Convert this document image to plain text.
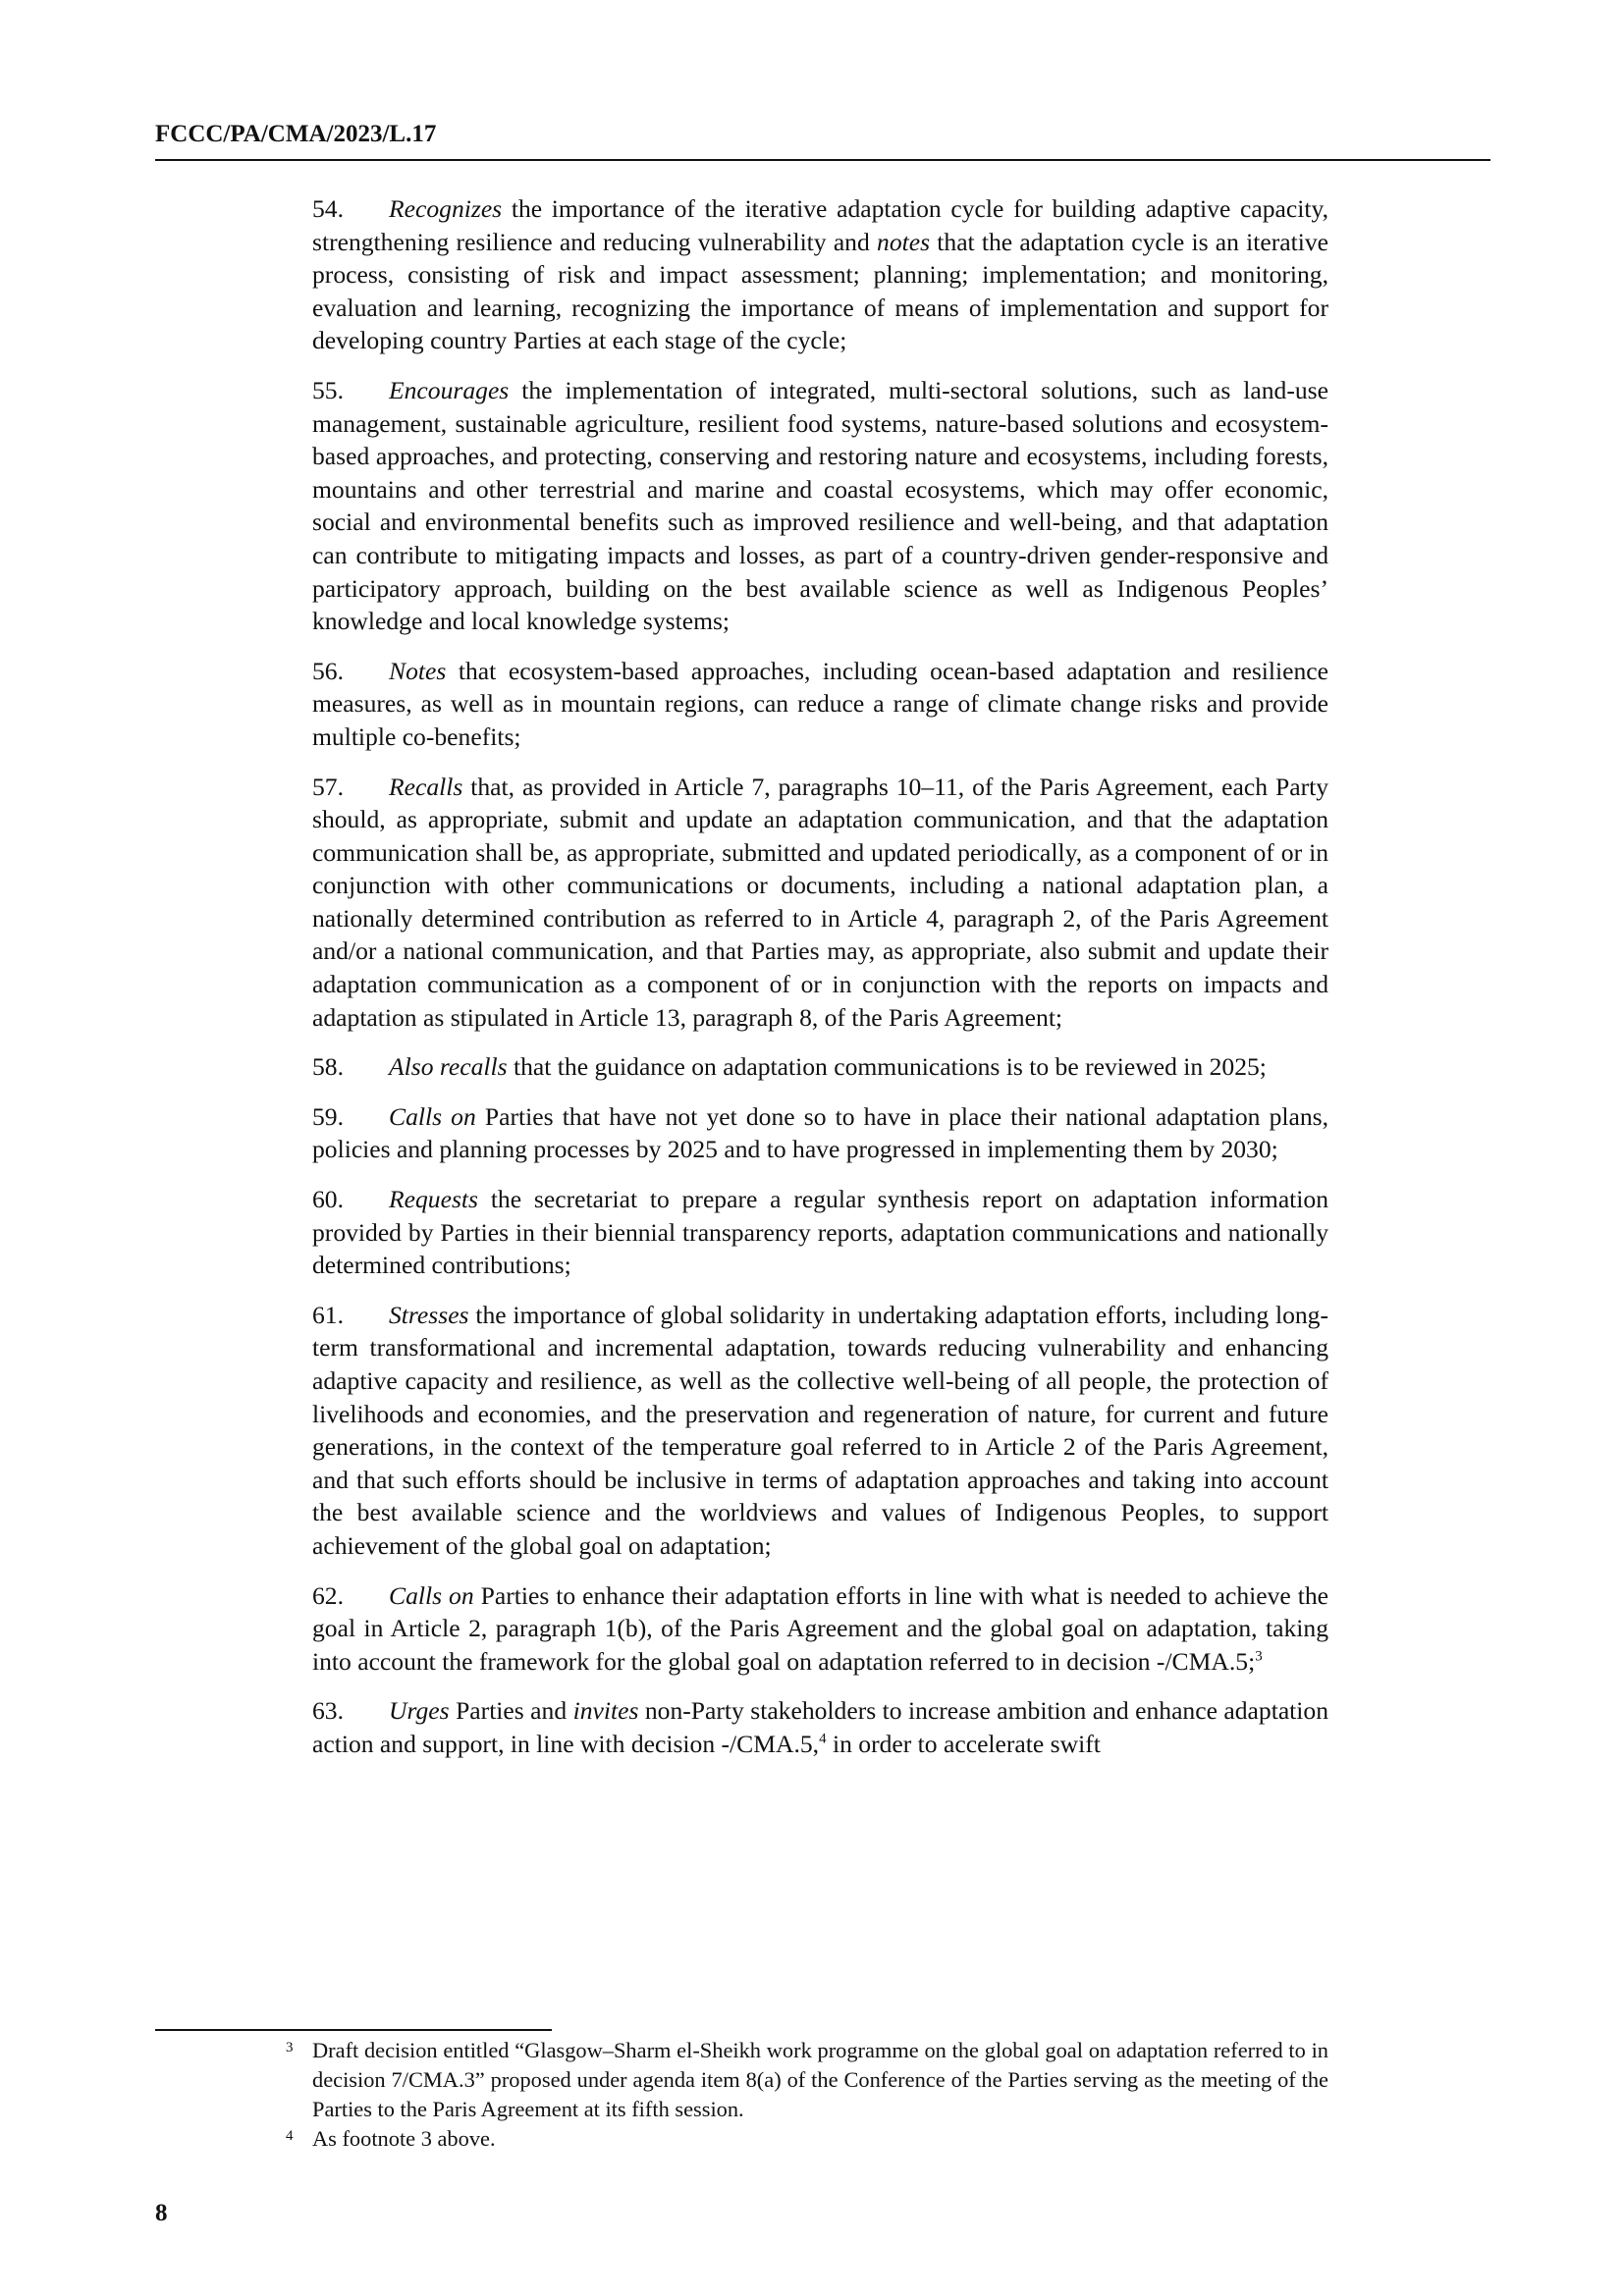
FCCC/PA/CMA/2023/L.17

54. Recognizes the importance of the iterative adaptation cycle for building adaptive capacity, strengthening resilience and reducing vulnerability and notes that the adaptation cycle is an iterative process, consisting of risk and impact assessment; planning; implementation; and monitoring, evaluation and learning, recognizing the importance of means of implementation and support for developing country Parties at each stage of the cycle;

55. Encourages the implementation of integrated, multi-sectoral solutions, such as land-use management, sustainable agriculture, resilient food systems, nature-based solutions and ecosystem-based approaches, and protecting, conserving and restoring nature and ecosystems, including forests, mountains and other terrestrial and marine and coastal ecosystems, which may offer economic, social and environmental benefits such as improved resilience and well-being, and that adaptation can contribute to mitigating impacts and losses, as part of a country-driven gender-responsive and participatory approach, building on the best available science as well as Indigenous Peoples’ knowledge and local knowledge systems;

56. Notes that ecosystem-based approaches, including ocean-based adaptation and resilience measures, as well as in mountain regions, can reduce a range of climate change risks and provide multiple co-benefits;

57. Recalls that, as provided in Article 7, paragraphs 10–11, of the Paris Agreement, each Party should, as appropriate, submit and update an adaptation communication, and that the adaptation communication shall be, as appropriate, submitted and updated periodically, as a component of or in conjunction with other communications or documents, including a national adaptation plan, a nationally determined contribution as referred to in Article 4, paragraph 2, of the Paris Agreement and/or a national communication, and that Parties may, as appropriate, also submit and update their adaptation communication as a component of or in conjunction with the reports on impacts and adaptation as stipulated in Article 13, paragraph 8, of the Paris Agreement;

58. Also recalls that the guidance on adaptation communications is to be reviewed in 2025;

59. Calls on Parties that have not yet done so to have in place their national adaptation plans, policies and planning processes by 2025 and to have progressed in implementing them by 2030;

60. Requests the secretariat to prepare a regular synthesis report on adaptation information provided by Parties in their biennial transparency reports, adaptation communications and nationally determined contributions;

61. Stresses the importance of global solidarity in undertaking adaptation efforts, including long-term transformational and incremental adaptation, towards reducing vulnerability and enhancing adaptive capacity and resilience, as well as the collective well-being of all people, the protection of livelihoods and economies, and the preservation and regeneration of nature, for current and future generations, in the context of the temperature goal referred to in Article 2 of the Paris Agreement, and that such efforts should be inclusive in terms of adaptation approaches and taking into account the best available science and the worldviews and values of Indigenous Peoples, to support achievement of the global goal on adaptation;

62. Calls on Parties to enhance their adaptation efforts in line with what is needed to achieve the goal in Article 2, paragraph 1(b), of the Paris Agreement and the global goal on adaptation, taking into account the framework for the global goal on adaptation referred to in decision -/CMA.5;$^3$

63. Urges Parties and invites non-Party stakeholders to increase ambition and enhance adaptation action and support, in line with decision -/CMA.5,$^4$ in order to accelerate swift

3 Draft decision entitled “Glasgow–Sharm el-Sheikh work programme on the global goal on adaptation referred to in decision 7/CMA.3” proposed under agenda item 8(a) of the Conference of the Parties serving as the meeting of the Parties to the Paris Agreement at its fifth session.

4 As footnote 3 above.

8
